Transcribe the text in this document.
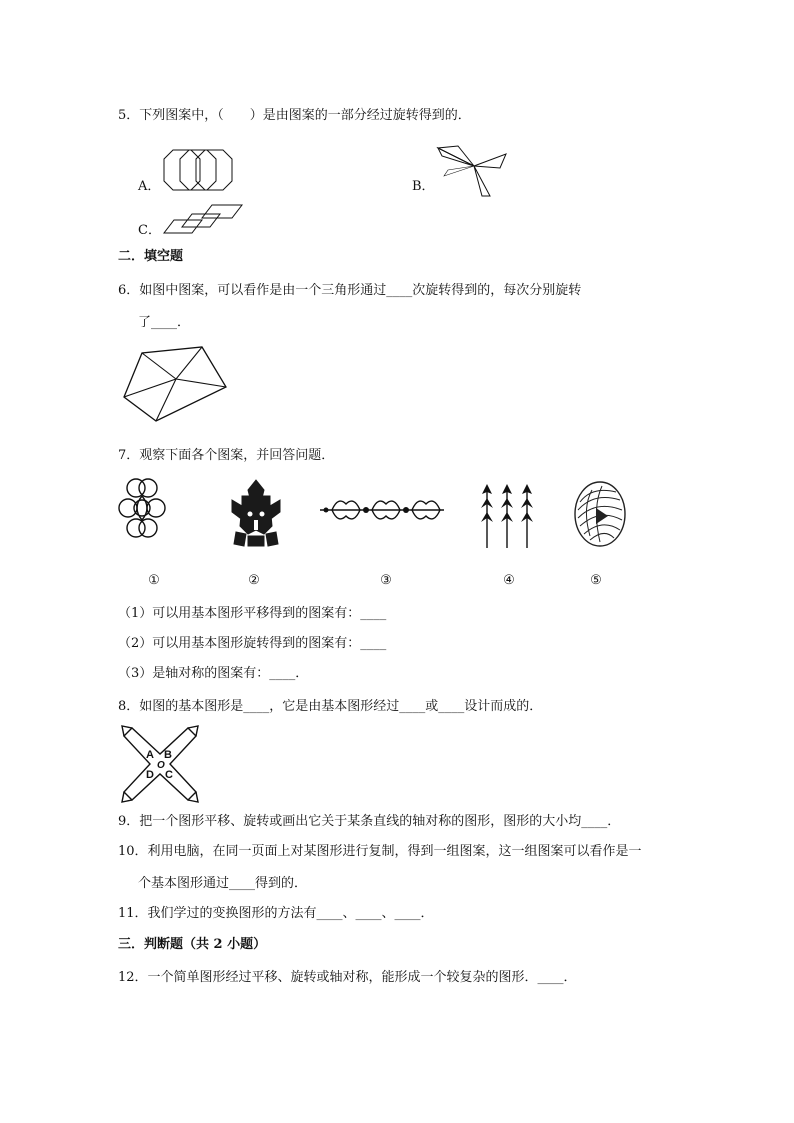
5．下列图案中，（　　）是由图案的一部分经过旋转得到的．
A．	B．
C．
二．填空题
6．如图中图案，可以看作是由一个三角形通过____次旋转得到的，每次分别旋转
了____．
7．观察下面各个图案，并回答问题．
①	②	③	④	⑤
（1）可以用基本图形平移得到的图案有：____
（2）可以用基本图形旋转得到的图案有：____
（3）是轴对称的图案有：____．
8．如图的基本图形是____，它是由基本图形经过____或____设计而成的．
A B
O
D C
9．把一个图形平移、旋转或画出它关于某条直线的轴对称的图形，图形的大小均____．
10．利用电脑，在同一页面上对某图形进行复制，得到一组图案，这一组图案可以看作是一
个基本图形通过____得到的．
11．我们学过的变换图形的方法有____、____、____．
三．判断题（共 2 小题）
12．一个简单图形经过平移、旋转或轴对称，能形成一个较复杂的图形．____．
